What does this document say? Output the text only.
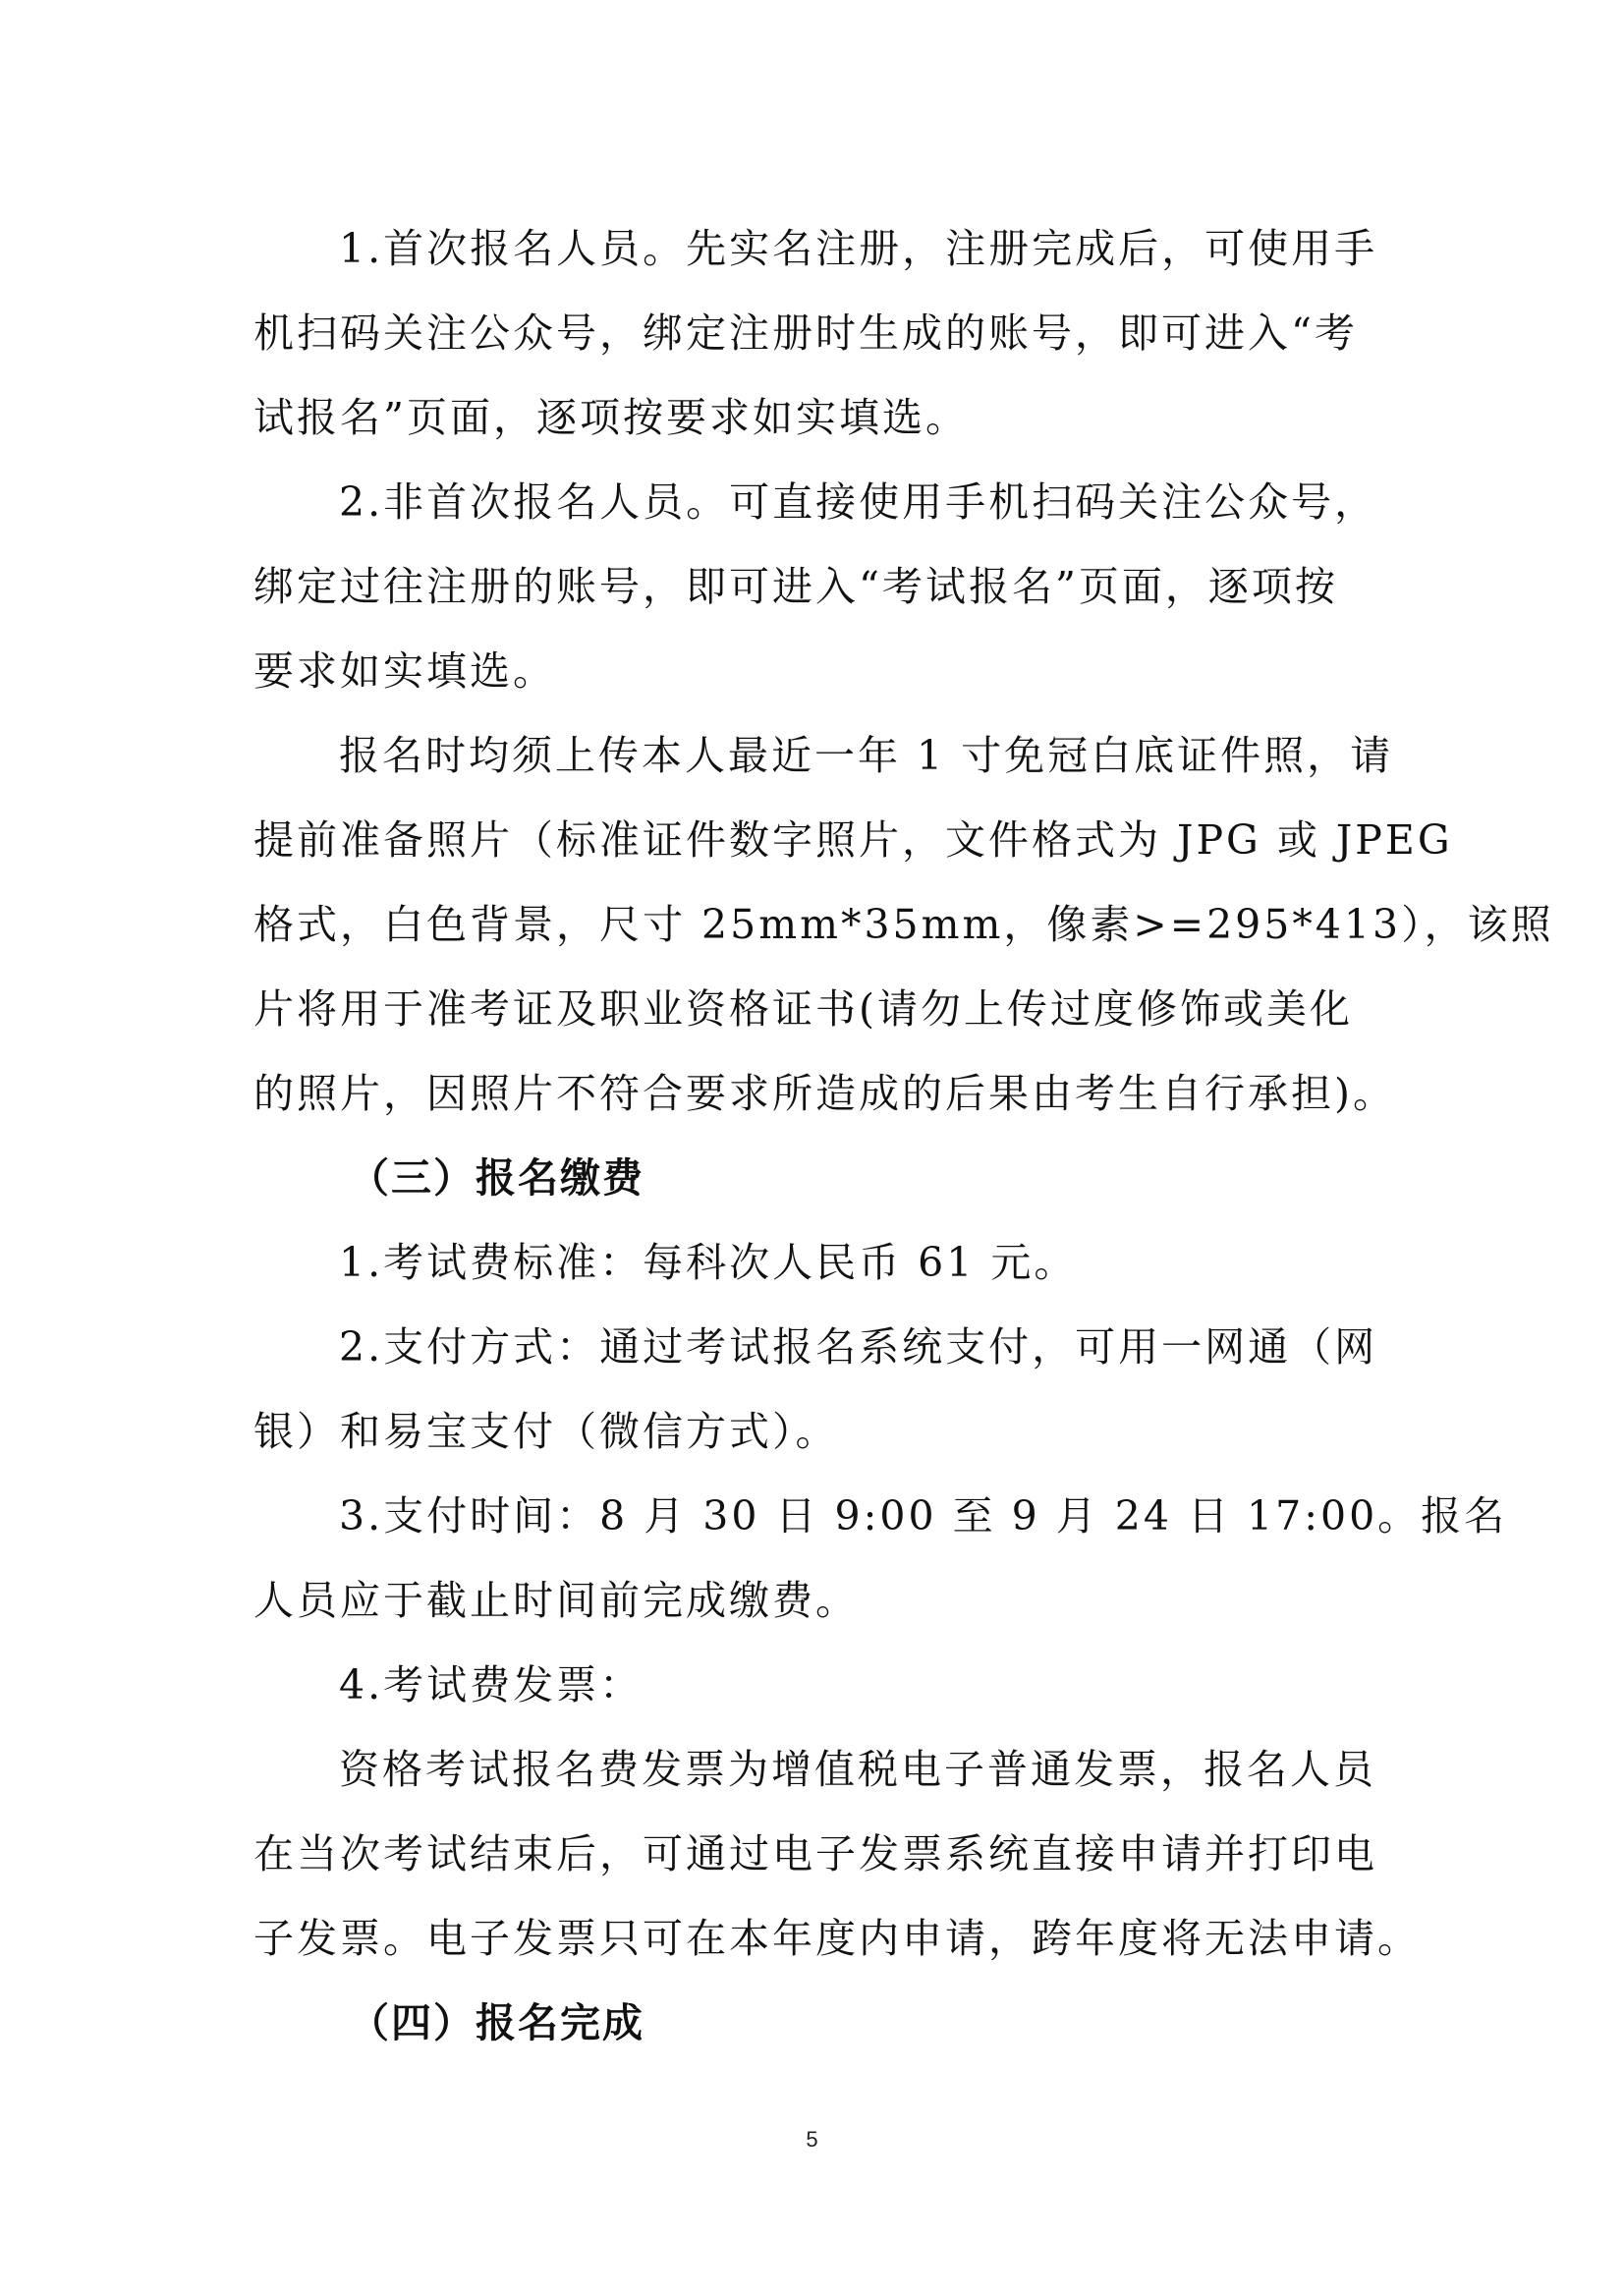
1.首次报名人员。先实名注册，注册完成后，可使用手
机扫码关注公众号，绑定注册时生成的账号，即可进入“考
试报名”页面，逐项按要求如实填选。
2.非首次报名人员。可直接使用手机扫码关注公众号，
绑定过往注册的账号，即可进入“考试报名”页面，逐项按
要求如实填选。
报名时均须上传本人最近一年 1 寸免冠白底证件照，请
提前准备照片（标准证件数字照片，文件格式为 JPG 或 JPEG
格式，白色背景，尺寸 25mm*35mm，像素>=295*413），该照
片将用于准考证及职业资格证书(请勿上传过度修饰或美化
的照片，因照片不符合要求所造成的后果由考生自行承担)。
（三）报名缴费
1.考试费标准：每科次人民币 61 元。
2.支付方式：通过考试报名系统支付，可用一网通（网
银）和易宝支付（微信方式）。
3.支付时间：8 月 30 日 9:00 至 9 月 24 日 17:00。报名
人员应于截止时间前完成缴费。
4.考试费发票：
资格考试报名费发票为增值税电子普通发票，报名人员
在当次考试结束后，可通过电子发票系统直接申请并打印电
子发票。电子发票只可在本年度内申请，跨年度将无法申请。
（四）报名完成
5
